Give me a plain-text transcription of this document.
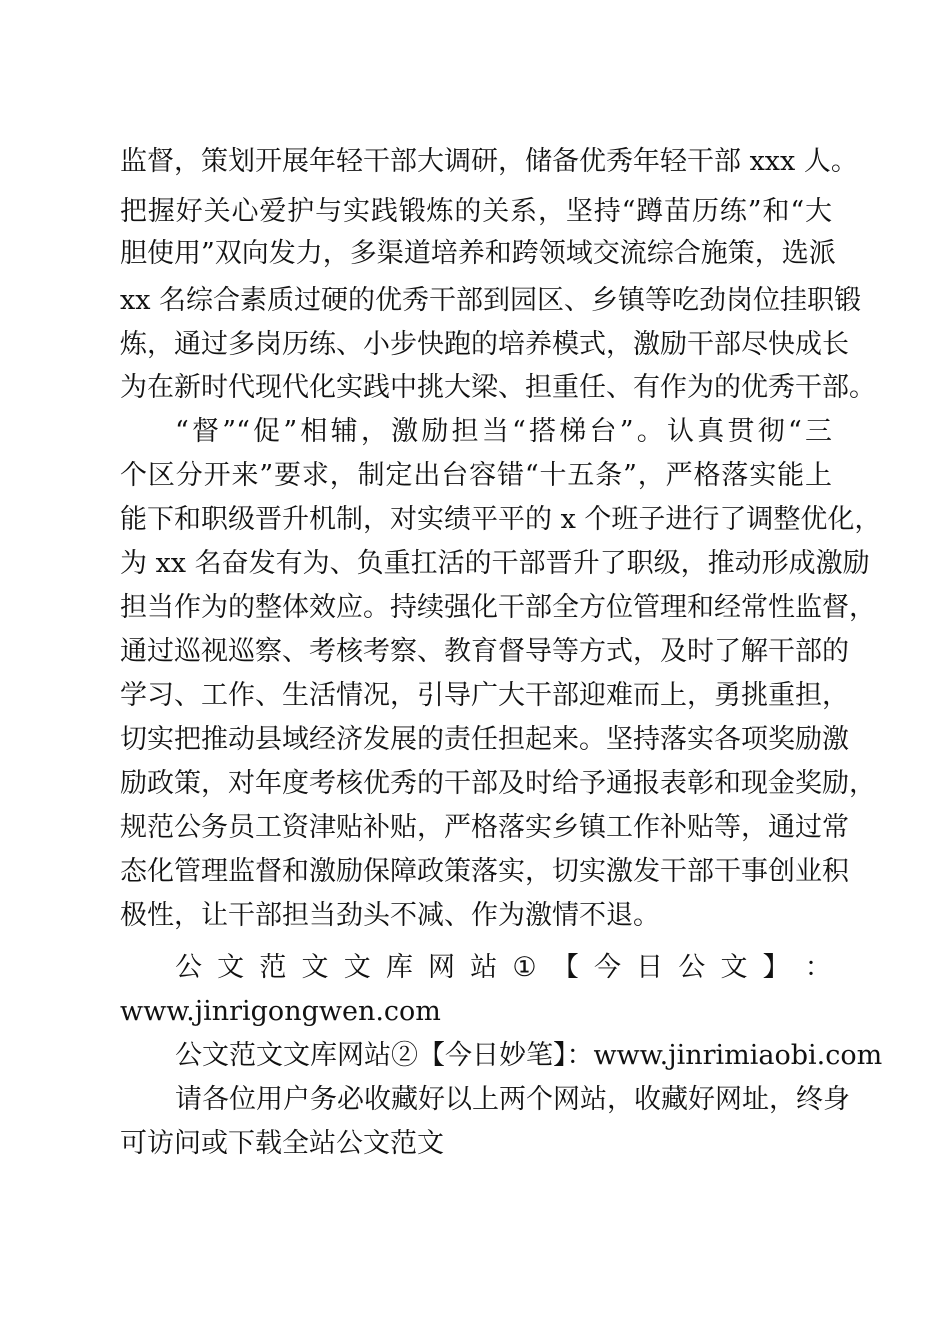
监督，策划开展年轻干部大调研，储备优秀年轻干部 xxx 人。
把握好关心爱护与实践锻炼的关系，坚持“蹲苗历练”和“大
胆使用”双向发力，多渠道培养和跨领域交流综合施策，选派
xx 名综合素质过硬的优秀干部到园区、乡镇等吃劲岗位挂职锻
炼，通过多岗历练、小步快跑的培养模式，激励干部尽快成长
为在新时代现代化实践中挑大梁、担重任、有作为的优秀干部。
“督”“促”相辅，激励担当“搭梯台”。认真贯彻“三
个区分开来”要求，制定出台容错“十五条”，严格落实能上
能下和职级晋升机制，对实绩平平的 x 个班子进行了调整优化，
为 xx 名奋发有为、负重扛活的干部晋升了职级，推动形成激励
担当作为的整体效应。持续强化干部全方位管理和经常性监督，
通过巡视巡察、考核考察、教育督导等方式，及时了解干部的
学习、工作、生活情况，引导广大干部迎难而上，勇挑重担，
切实把推动县域经济发展的责任担起来。坚持落实各项奖励激
励政策，对年度考核优秀的干部及时给予通报表彰和现金奖励，
规范公务员工资津贴补贴，严格落实乡镇工作补贴等，通过常
态化管理监督和激励保障政策落实，切实激发干部干事创业积
极性，让干部担当劲头不减、作为激情不退。
公 文 范 文 文 库 网 站 ① 【 今 日 公 文 】 ：
www.jinrigongwen.com
公文范文文库网站②【今日妙笔】：www.jinrimiaobi.com
请各位用户务必收藏好以上两个网站，收藏好网址，终身
可访问或下载全站公文范文
